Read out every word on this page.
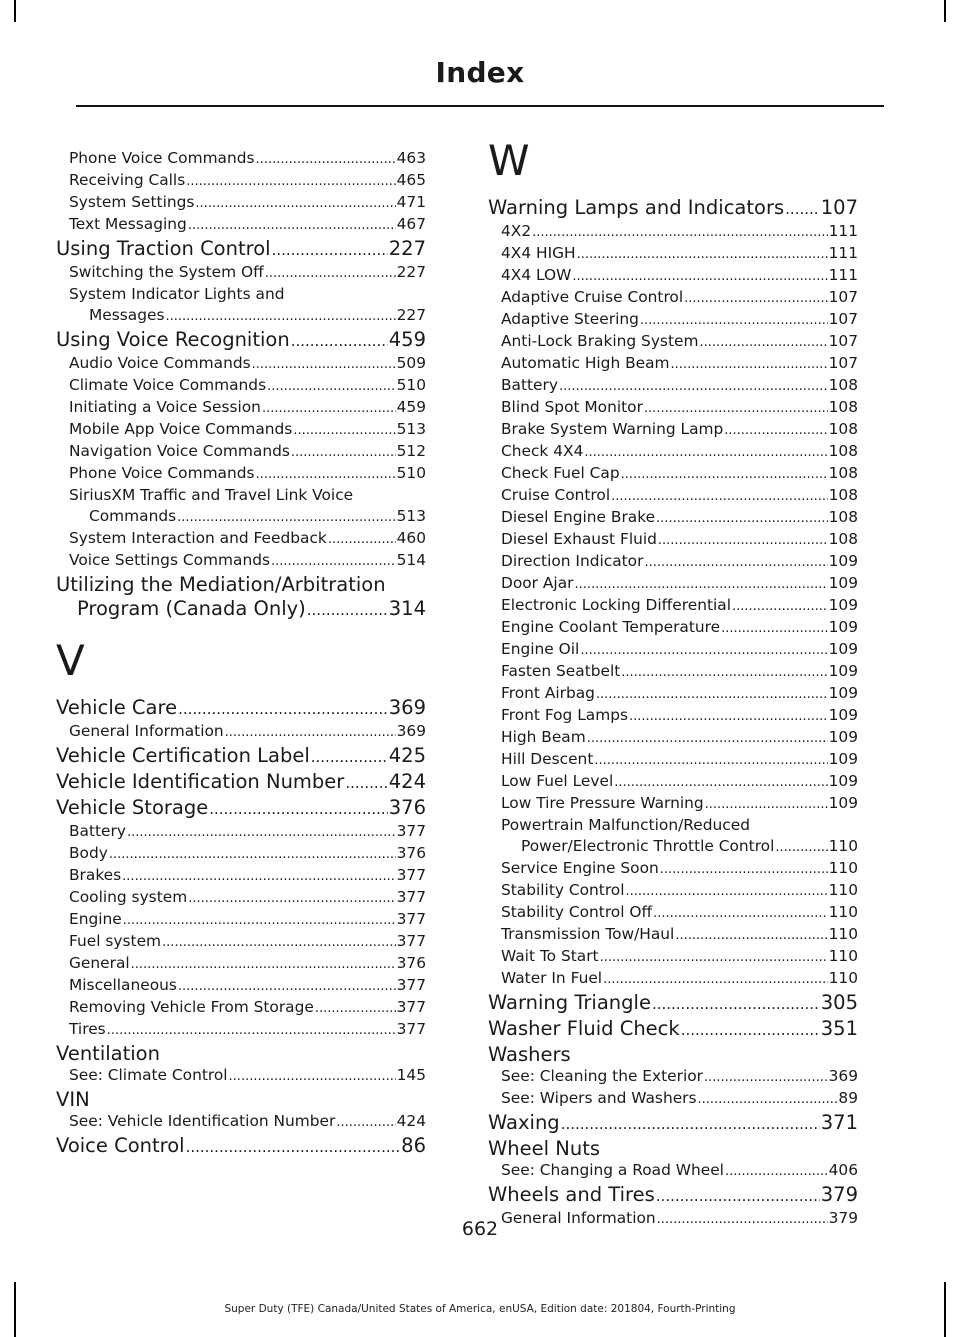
Index
Phone Voice Commands .....	463
Receiving Calls .....	465
System Settings .....	471
Text Messaging .....	467
Using Traction Control .....	227
Switching the System Off .....	227
System Indicator Lights and
Messages .....	227
Using Voice Recognition .....	459
Audio Voice Commands .....	509
Climate Voice Commands .....	510
Initiating a Voice Session .....	459
Mobile App Voice Commands .....	513
Navigation Voice Commands .....	512
Phone Voice Commands .....	510
SiriusXM Traffic and Travel Link Voice
Commands .....	513
System Interaction and Feedback .....	460
Voice Settings Commands .....	514
Utilizing the Mediation/Arbitration
Program (Canada Only) .....	314
V
Vehicle Care .....	369
General Information .....	369
Vehicle Certification Label .....	425
Vehicle Identification Number ..... 424
Vehicle Storage .....	376
Battery .....	377
Body .....	376
Brakes .....	377
Cooling system .....	377
Engine .....	377
Fuel system .....	377
General .....	376
Miscellaneous .....	377
Removing Vehicle From Storage .....	377
Tires .....	377
Ventilation
See: Climate Control .....	145
VIN
See: Vehicle Identification Number .....	424
Voice Control .....	86
W
Warning Lamps and Indicators ..... 107
4X2 .....	111
4X4 HIGH .....	111
4X4 LOW .....	111
Adaptive Cruise Control .....	107
Adaptive Steering .....	107
Anti-Lock Braking System .....	107
Automatic High Beam .....	107
Battery .....	108
Blind Spot Monitor .....	108
Brake System Warning Lamp .....	108
Check 4X4 .....	108
Check Fuel Cap .....	108
Cruise Control .....	108
Diesel Engine Brake .....	108
Diesel Exhaust Fluid .....	108
Direction Indicator .....	109
Door Ajar .....	109
Electronic Locking Differential .....	109
Engine Coolant Temperature .....	109
Engine Oil .....	109
Fasten Seatbelt .....	109
Front Airbag .....	109
Front Fog Lamps .....	109
High Beam .....	109
Hill Descent .....	109
Low Fuel Level .....	109
Low Tire Pressure Warning .....	109
Powertrain Malfunction/Reduced
Power/Electronic Throttle Control .....	110
Service Engine Soon .....	110
Stability Control .....	110
Stability Control Off .....	110
Transmission Tow/Haul .....	110
Wait To Start .....	110
Water In Fuel .....	110
Warning Triangle .....	305
Washer Fluid Check .....	351
Washers
See: Cleaning the Exterior .....	369
See: Wipers and Washers .....	89
Waxing .....	371
Wheel Nuts
See: Changing a Road Wheel .....	406
Wheels and Tires .....	379
General Information .....	379
662
Super Duty (TFE) Canada/United States of America, enUSA, Edition date: 201804, Fourth-Printing
